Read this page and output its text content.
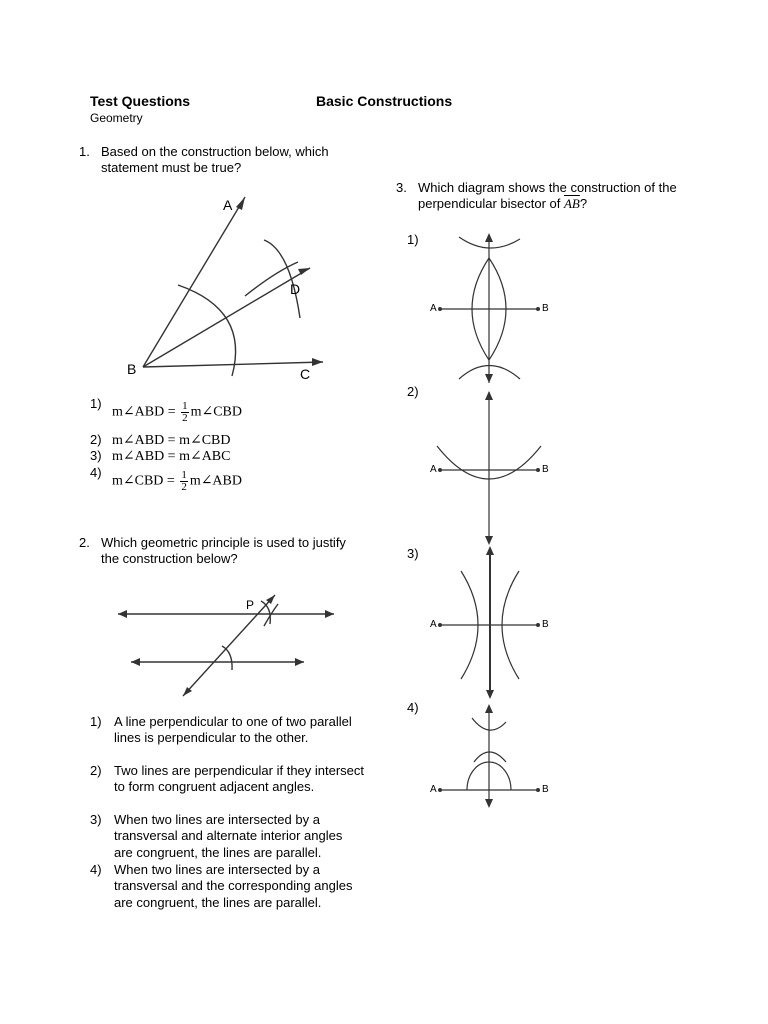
Test Questions	Basic Constructions
Geometry
1. Based on the construction below, which statement must be true?
A
B	C
D
1)
m∠ABD = $\frac{1}{2}$ m∠CBD
2) m∠ABD = m∠CBD
3) m∠ABD = m∠ABC
4)
m∠CBD = $\frac{1}{2}$ m∠ABD
2. Which geometric principle is used to justify the construction below?
P
1) A line perpendicular to one of two parallel lines is perpendicular to the other.
2) Two lines are perpendicular if they intersect to form congruent adjacent angles.
3) When two lines are intersected by a transversal and alternate interior angles are congruent, the lines are parallel.
4) When two lines are intersected by a transversal and the corresponding angles are congruent, the lines are parallel.
3. Which diagram shows the construction of the perpendicular bisector of $\overline{AB}$?
1)
2)
3)
4)
A	B
A	B
A	B
A	B
